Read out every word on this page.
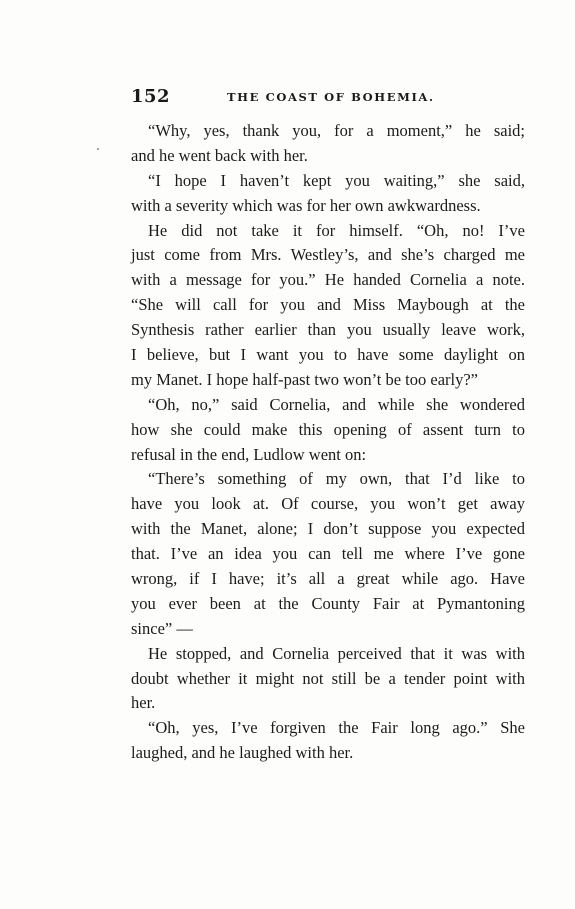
152	THE COAST OF BOHEMIA.
“Why, yes, thank you, for a moment,” he said;
and he went back with her.
“I hope I haven’t kept you waiting,” she said,
with a severity which was for her own awkwardness.
He did not take it for himself. “Oh, no! I’ve
just come from Mrs. Westley’s, and she’s charged me
with a message for you.” He handed Cornelia a note.
“She will call for you and Miss Maybough at the
Synthesis rather earlier than you usually leave work,
I believe, but I want you to have some daylight on
my Manet. I hope half-past two won’t be too early?”
“Oh, no,” said Cornelia, and while she wondered
how she could make this opening of assent turn to
refusal in the end, Ludlow went on:
“There’s something of my own, that I’d like to
have you look at. Of course, you won’t get away
with the Manet, alone; I don’t suppose you expected
that. I’ve an idea you can tell me where I’ve gone
wrong, if I have; it’s all a great while ago. Have
you ever been at the County Fair at Pymantoning
since” —
He stopped, and Cornelia perceived that it was with
doubt whether it might not still be a tender point with
her.
“Oh, yes, I’ve forgiven the Fair long ago.” She
laughed, and he laughed with her.
